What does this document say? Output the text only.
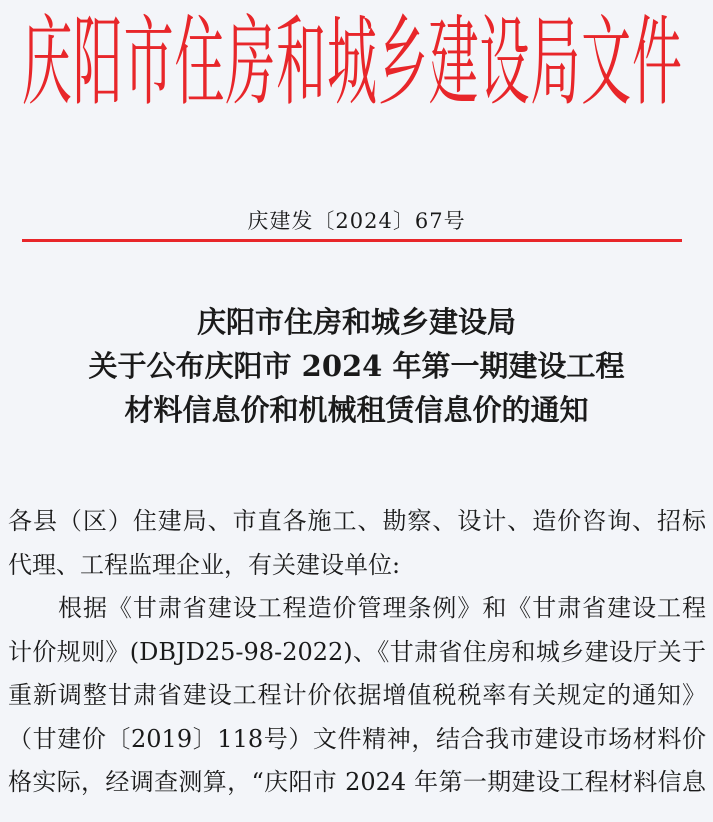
庆阳市住房和城乡建设局文件
庆建发〔2024〕67号
庆阳市住房和城乡建设局
关于公布庆阳市 2024 年第一期建设工程
材料信息价和机械租赁信息价的通知
各县（区）住建局、市直各施工、勘察、设计、造价咨询、招标
代理、工程监理企业，有关建设单位:
根据《甘肃省建设工程造价管理条例》和《甘肃省建设工程
计价规则》(DBJD25-98-2022)、《甘肃省住房和城乡建设厅关于
重新调整甘肃省建设工程计价依据增值税税率有关规定的通知》
（甘建价〔2019〕118号）文件精神，结合我市建设市场材料价
格实际，经调查测算，“庆阳市 2024 年第一期建设工程材料信息
